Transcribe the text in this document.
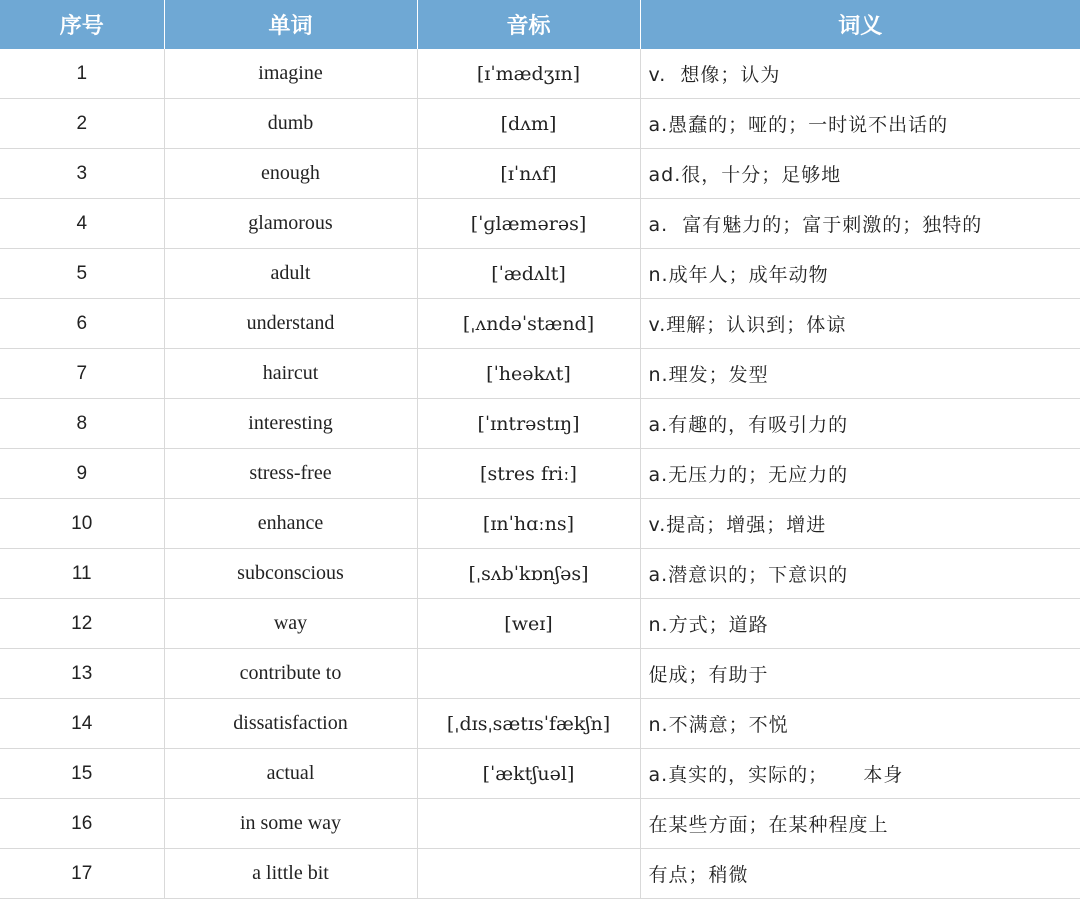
序号	单词	音标	词义
1	imagine	[ɪˈmædʒɪn]	v.  想像；认为
2	dumb	[dʌm]	a.愚蠢的；哑的；一时说不出话的
3	enough	[ɪˈnʌf]	ad.很，十分；足够地
4	glamorous	[ˈɡlæmərəs]	a.  富有魅力的；富于刺激的；独特的
5	adult	[ˈædʌlt]	n.成年人；成年动物
6	understand	[ˌʌndəˈstænd]	v.理解；认识到；体谅
7	haircut	[ˈheəkʌt]	n.理发；发型
8	interesting	[ˈɪntrəstɪŋ]	a.有趣的，有吸引力的
9	stress-free	[stres friː]	a.无压力的；无应力的
10	enhance	[ɪnˈhɑːns]	v.提高；增强；增进
11	subconscious	[ˌsʌbˈkɒnʃəs]	a.潜意识的；下意识的
12	way	[weɪ]	n.方式；道路
13	contribute to		促成；有助于
14	dissatisfaction	[ˌdɪsˌsætɪsˈfækʃn]	n.不满意；不悦
15	actual	[ˈæktʃuəl]	a.真实的，实际的；     本身
16	in some way		在某些方面；在某种程度上
17	a little bit		有点；稍微
